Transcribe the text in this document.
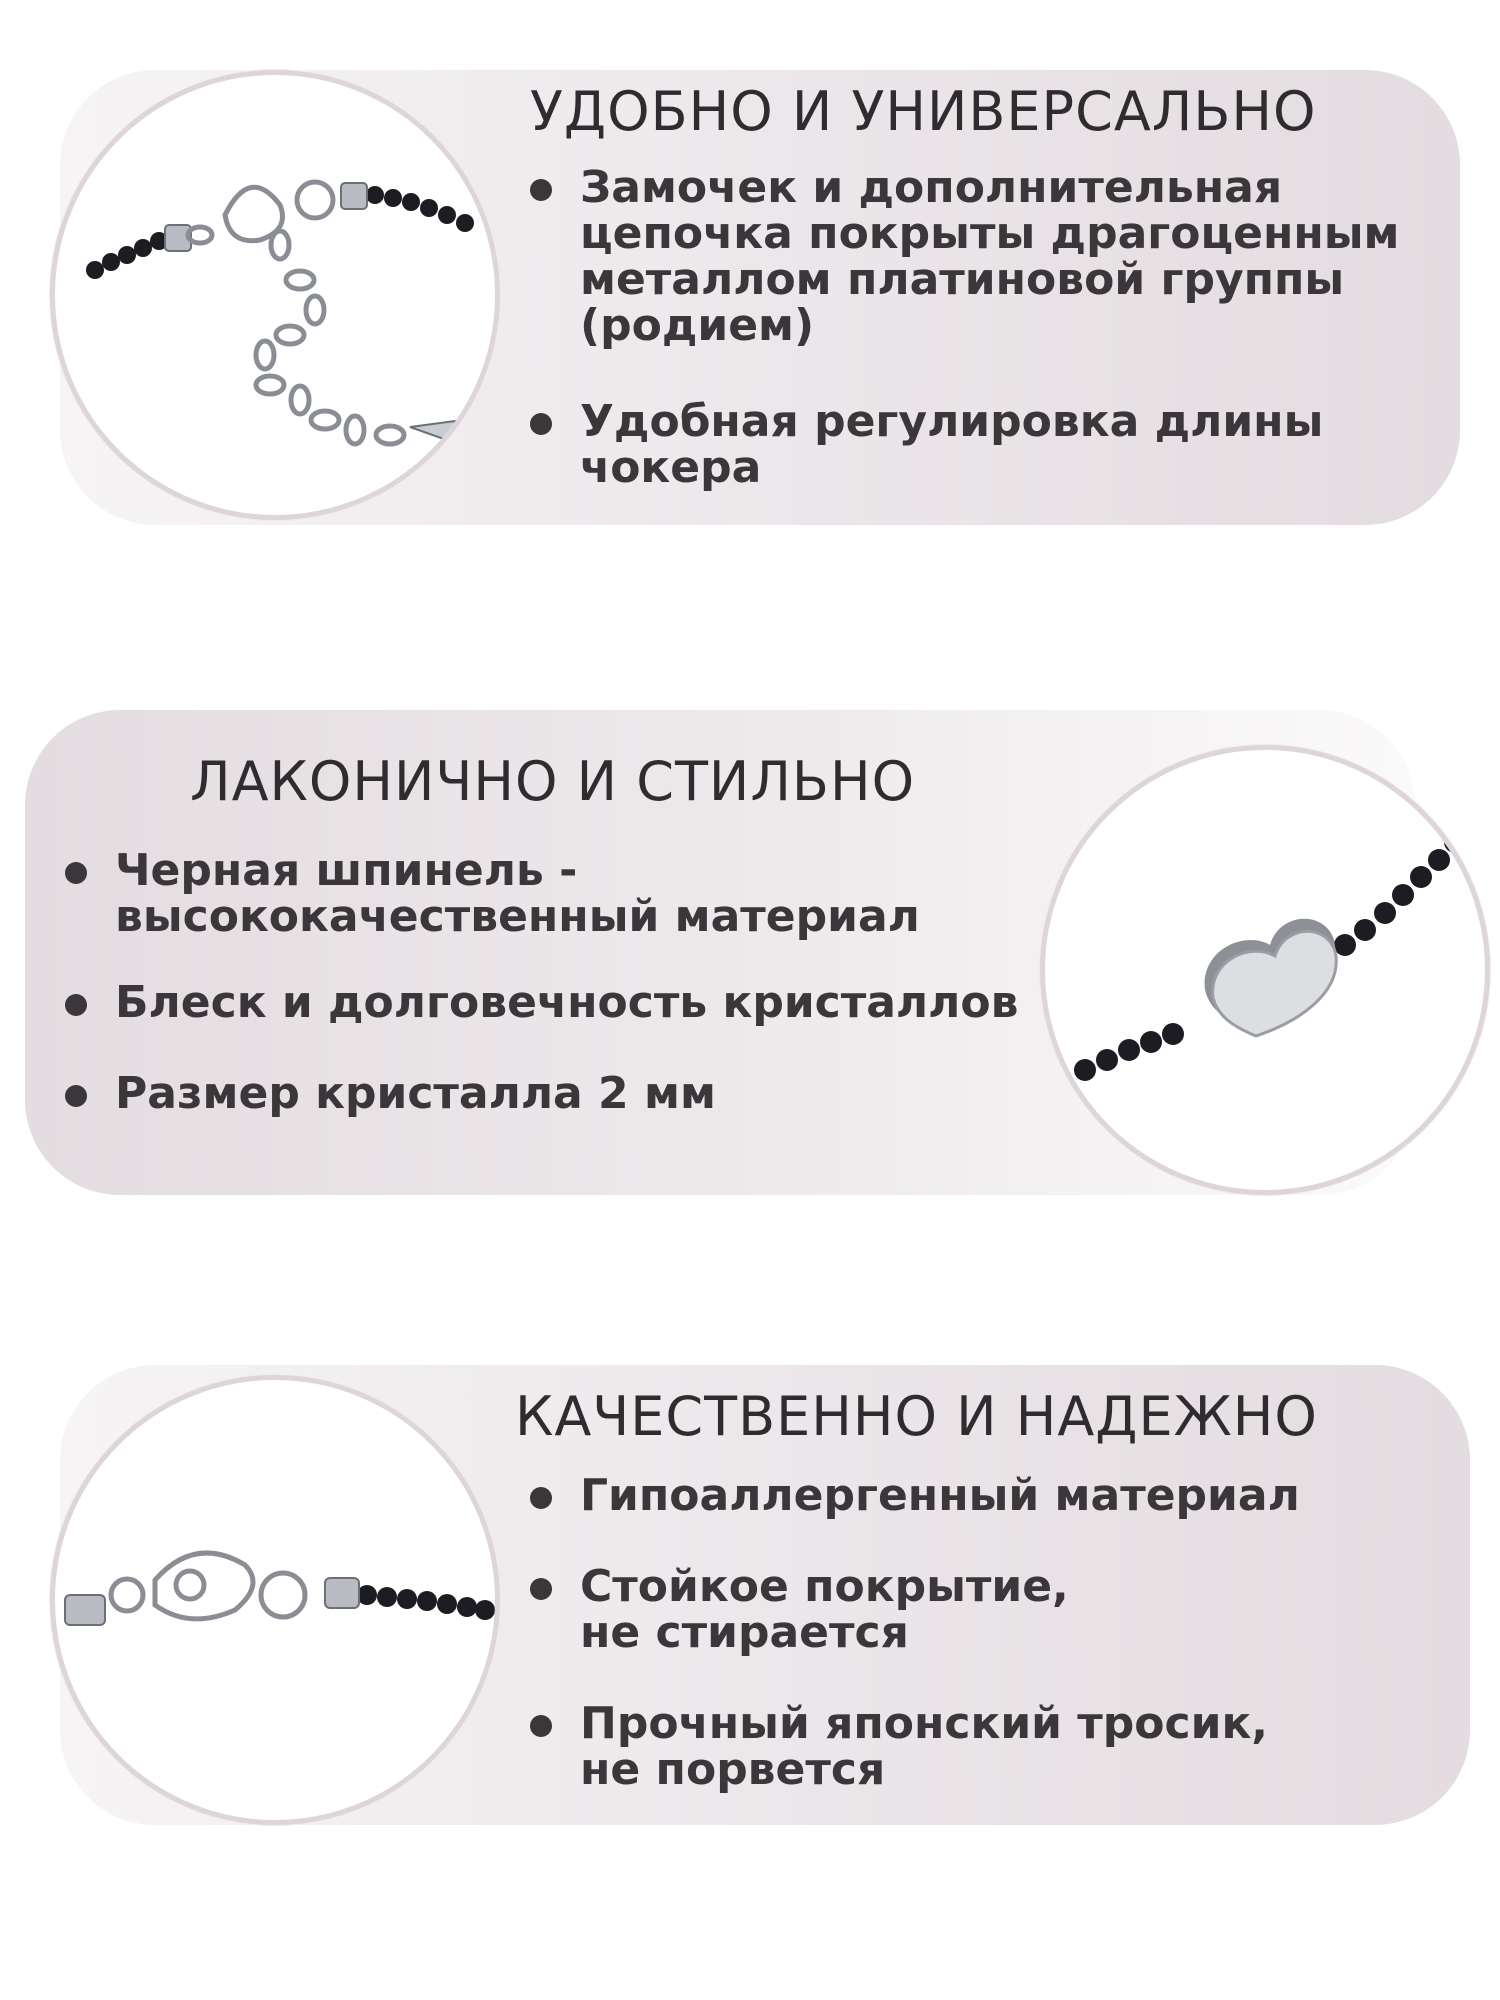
УДОБНО И УНИВЕРСАЛЬНО
Замочек и дополнительная
цепочка покрыты драгоценным
металлом платиновой группы
(родием)
Удобная регулировка длины
чокера
ЛАКОНИЧНО И СТИЛЬНО
Черная шпинель -
высококачественный материал
Блеск и долговечность кристаллов
Размер кристалла 2 мм
КАЧЕСТВЕННО И НАДЕЖНО
Гипоаллергенный материал
Стойкое покрытие,
не стирается
Прочный японский тросик,
не порвется
